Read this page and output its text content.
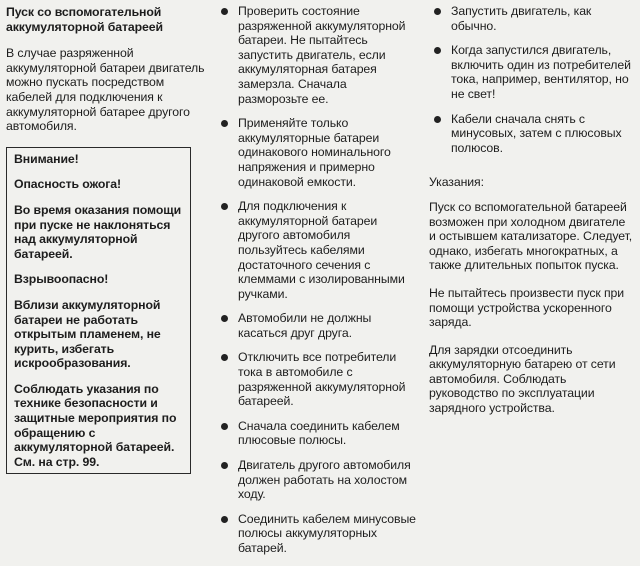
Пуск со вспомогательной аккумуляторной батареей
В случае разряженной аккумуляторной батареи двигатель можно пускать посредством кабелей для подключения к аккумуляторной батарее другого автомобиля.
Внимание!
Опасность ожога!
Во время оказания помощи при пуске не наклоняться над аккумуляторной батареей.
Взрывоопасно!
Вблизи аккумуляторной батареи не работать открытым пламенем, не курить, избегать искрообразования.
Соблюдать указания по технике безопасности и защитные мероприятия по обращению с аккумуляторной батареей. См. на стр. 99.
Проверить состояние разряженной аккумуляторной батареи. Не пытайтесь запустить двигатель, если аккумуляторная батарея замерзла. Сначала разморозьте ее.
Применяйте только аккумуляторные батареи одинакового номинального напряжения и примерно одинаковой емкости.
Для подключения к аккумуляторной батареи другого автомобиля пользуйтесь кабелями достаточного сечения с клеммами с изолированными ручками.
Автомобили не должны касаться друг друга.
Отключить все потребители тока в автомобиле с разряженной аккумуляторной батареей.
Сначала соединить кабелем плюсовые полюсы.
Двигатель другого автомобиля должен работать на холостом ходу.
Соединить кабелем минусовые полюсы аккумуляторных батарей.
Запустить двигатель, как обычно.
Когда запустился двигатель, включить один из потребителей тока, например, вентилятор, но не свет!
Кабели сначала снять с минусовых, затем с плюсовых полюсов.
Указания:
Пуск со вспомогательной батареей возможен при холодном двигателе и остывшем катализаторе. Следует, однако, избегать многократных, а также длительных попыток пуска.
Не пытайтесь произвести пуск при помощи устройства ускоренного заряда.
Для зарядки отсоединить аккумуляторную батарею от сети автомобиля. Соблюдать руководство по эксплуатации зарядного устройства.
